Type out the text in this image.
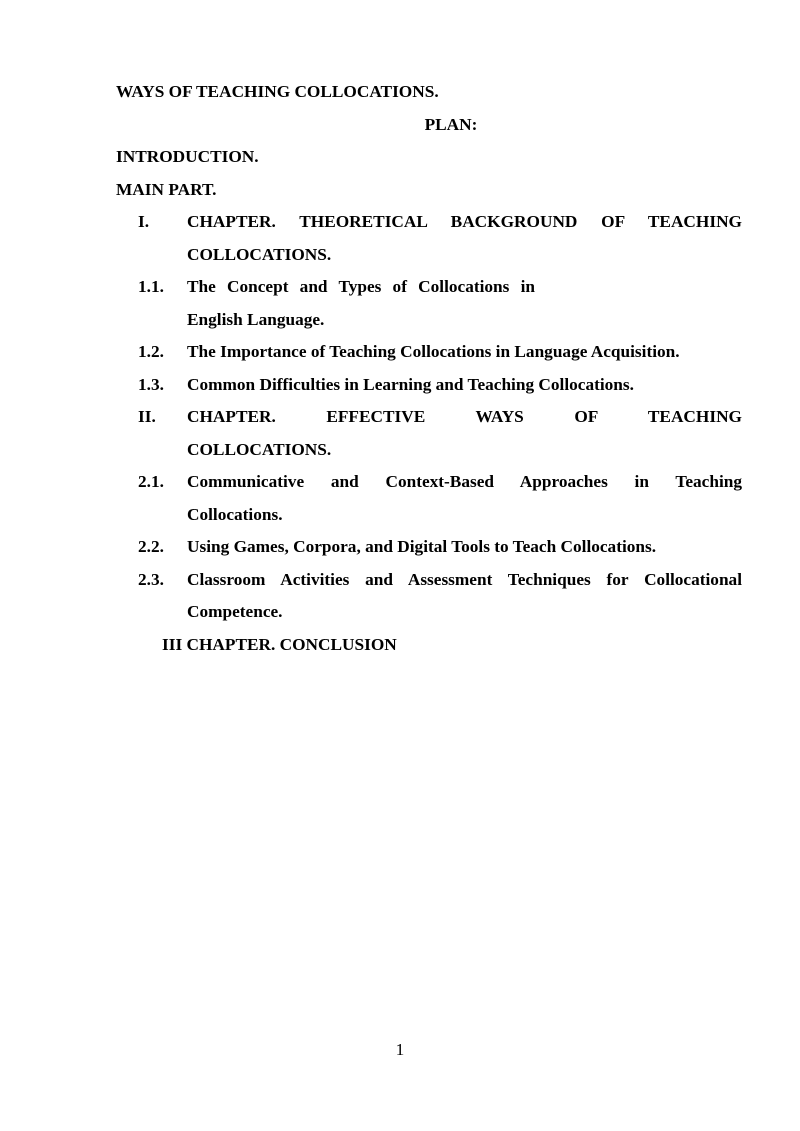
WAYS OF TEACHING COLLOCATIONS.
PLAN:
INTRODUCTION.
MAIN PART.
I.	CHAPTER. THEORETICAL BACKGROUND OF TEACHING
COLLOCATIONS.
1.1.	The Concept and Types of Collocations in
English Language.
1.2.	The Importance of Teaching Collocations in Language Acquisition.
1.3.	Common Difficulties in Learning and Teaching Collocations.
II.	CHAPTER. EFFECTIVE WAYS OF TEACHING
COLLOCATIONS.
2.1.	Communicative and Context-Based Approaches in Teaching
Collocations.
2.2.	Using Games, Corpora, and Digital Tools to Teach Collocations.
2.3.	Classroom Activities and Assessment Techniques for Collocational
Competence.
III CHAPTER. CONCLUSION
1
